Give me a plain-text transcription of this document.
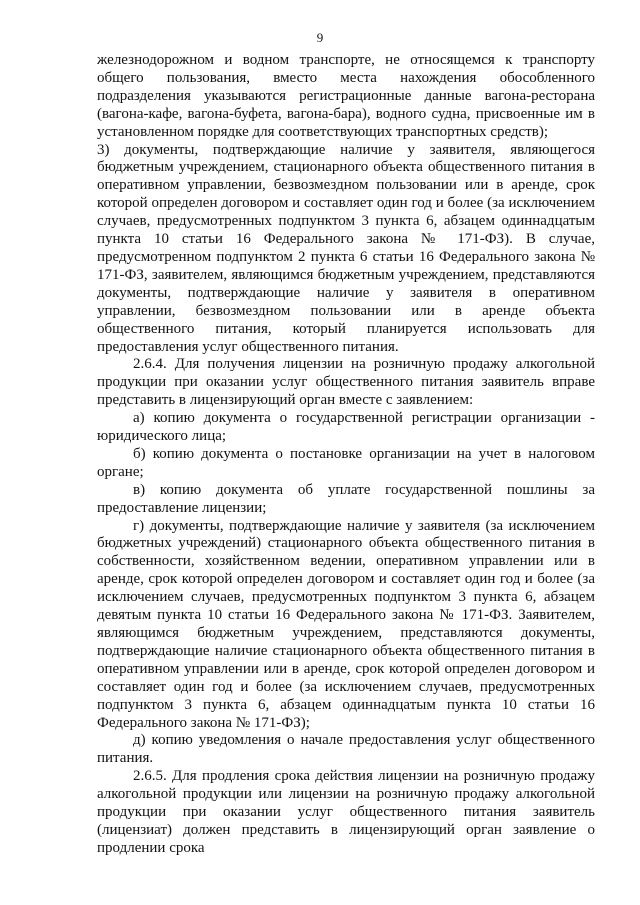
9

железнодорожном и водном транспорте, не относящемся к транспорту общего пользования, вместо места нахождения обособленного подразделения указываются регистрационные данные вагона-ресторана (вагона-кафе, вагона-буфета, вагона-бара), водного судна, присвоенные им в установленном порядке для соответствующих транспортных средств);

3) документы, подтверждающие наличие у заявителя, являющегося бюджетным учреждением, стационарного объекта общественного питания в оперативном управлении, безвозмездном пользовании или в аренде, срок которой определен договором и составляет один год и более (за исключением случаев, предусмотренных подпунктом 3 пункта 6, абзацем одиннадцатым пункта 10 статьи 16 Федерального закона № 171-ФЗ). В случае, предусмотренном подпунктом 2 пункта 6 статьи 16 Федерального закона № 171-ФЗ, заявителем, являющимся бюджетным учреждением, представляются документы, подтверждающие наличие у заявителя в оперативном управлении, безвозмездном пользовании или в аренде объекта общественного питания, который планируется использовать для предоставления услуг общественного питания.

2.6.4. Для получения лицензии на розничную продажу алкогольной продукции при оказании услуг общественного питания заявитель вправе представить в лицензирующий орган вместе с заявлением:

а) копию документа о государственной регистрации организации - юридического лица;

б) копию документа о постановке организации на учет в налоговом органе;

в) копию документа об уплате государственной пошлины за предоставление лицензии;

г) документы, подтверждающие наличие у заявителя (за исключением бюджетных учреждений) стационарного объекта общественного питания в собственности, хозяйственном ведении, оперативном управлении или в аренде, срок которой определен договором и составляет один год и более (за исключением случаев, предусмотренных подпунктом 3 пункта 6, абзацем девятым пункта 10 статьи 16 Федерального закона № 171-ФЗ. Заявителем, являющимся бюджетным учреждением, представляются документы, подтверждающие наличие стационарного объекта общественного питания в оперативном управлении или в аренде, срок которой определен договором и составляет один год и более (за исключением случаев, предусмотренных подпунктом 3 пункта 6, абзацем одиннадцатым пункта 10 статьи 16 Федерального закона № 171-ФЗ);

д) копию уведомления о начале предоставления услуг общественного питания.

2.6.5. Для продления срока действия лицензии на розничную продажу алкогольной продукции или лицензии на розничную продажу алкогольной продукции при оказании услуг общественного питания заявитель (лицензиат) должен представить в лицензирующий орган заявление о продлении срока
